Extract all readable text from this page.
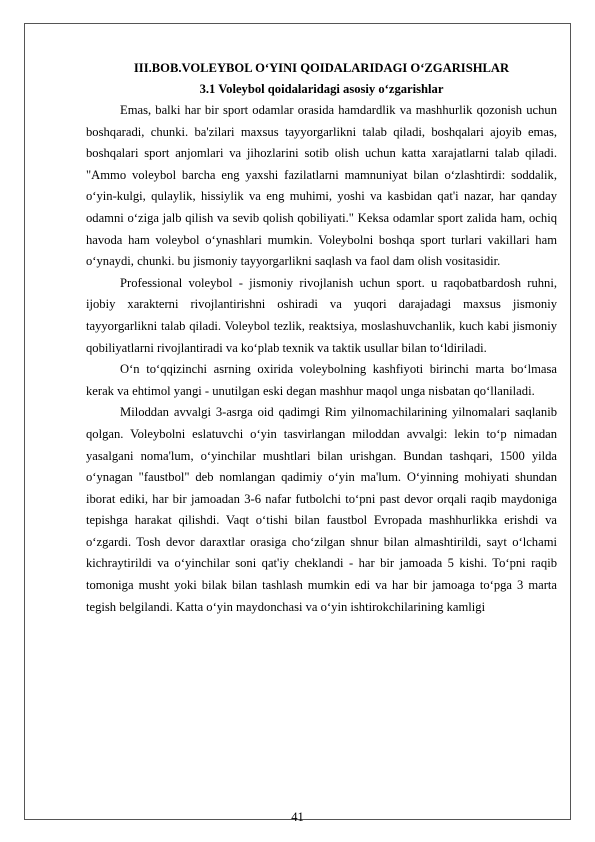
III.BOB.VOLEYBOL O‘YINI QOIDALARIDAGI O‘ZGARISHLAR
3.1 Voleybol qoidalaridagi asosiy o‘zgarishlar

Emas, balki har bir sport odamlar orasida hamdardlik va mashhurlik qozonish uchun boshqaradi, chunki. ba'zilari maxsus tayyorgarlikni talab qiladi, boshqalari ajoyib emas, boshqalari sport anjomlari va jihozlarini sotib olish uchun katta xarajatlarni talab qiladi. "Ammo voleybol barcha eng yaxshi fazilatlarni mamnuniyat bilan o‘zlashtirdi: soddalik, o‘yin-kulgi, qulaylik, hissiylik va eng muhimi, yoshi va kasbidan qat'i nazar, har qanday odamni o‘ziga jalb qilish va sevib qolish qobiliyati." Keksa odamlar sport zalida ham, ochiq havoda ham voleybol o‘ynashlari mumkin. Voleybolni boshqa sport turlari vakillari ham o‘ynaydi, chunki. bu jismoniy tayyorgarlikni saqlash va faol dam olish vositasidir.

Professional voleybol - jismoniy rivojlanish uchun sport. u raqobatbardosh ruhni, ijobiy xarakterni rivojlantirishni oshiradi va yuqori darajadagi maxsus jismoniy tayyorgarlikni talab qiladi. Voleybol tezlik, reaktsiya, moslashuvchanlik, kuch kabi jismoniy qobiliyatlarni rivojlantiradi va ko‘plab texnik va taktik usullar bilan to‘ldiriladi.

O‘n to‘qqizinchi asrning oxirida voleybolning kashfiyoti birinchi marta bo‘lmasa kerak va ehtimol yangi - unutilgan eski degan mashhur maqol unga nisbatan qo‘llaniladi.

Miloddan avvalgi 3-asrga oid qadimgi Rim yilnomachilarining yilnomalari saqlanib qolgan. Voleybolni eslatuvchi o‘yin tasvirlangan miloddan avvalgi: lekin to‘p nimadan yasalgani noma'lum, o‘yinchilar mushtlari bilan urishgan. Bundan tashqari, 1500 yilda o‘ynagan "faustbol" deb nomlangan qadimiy o‘yin ma'lum. O‘yinning mohiyati shundan iborat ediki, har bir jamoadan 3-6 nafar futbolchi to‘pni past devor orqali raqib maydoniga tepishga harakat qilishdi. Vaqt o‘tishi bilan faustbol Evropada mashhurlikka erishdi va o‘zgardi. Tosh devor daraxtlar orasiga cho‘zilgan shnur bilan almashtirildi, sayt o‘lchami kichraytirildi va o‘yinchilar soni qat'iy cheklandi - har bir jamoada 5 kishi. To‘pni raqib tomoniga musht yoki bilak bilan tashlash mumkin edi va har bir jamoaga to‘pga 3 marta tegish belgilandi. Katta o‘yin maydonchasi va o‘yin ishtirokchilarining kamligi

41
